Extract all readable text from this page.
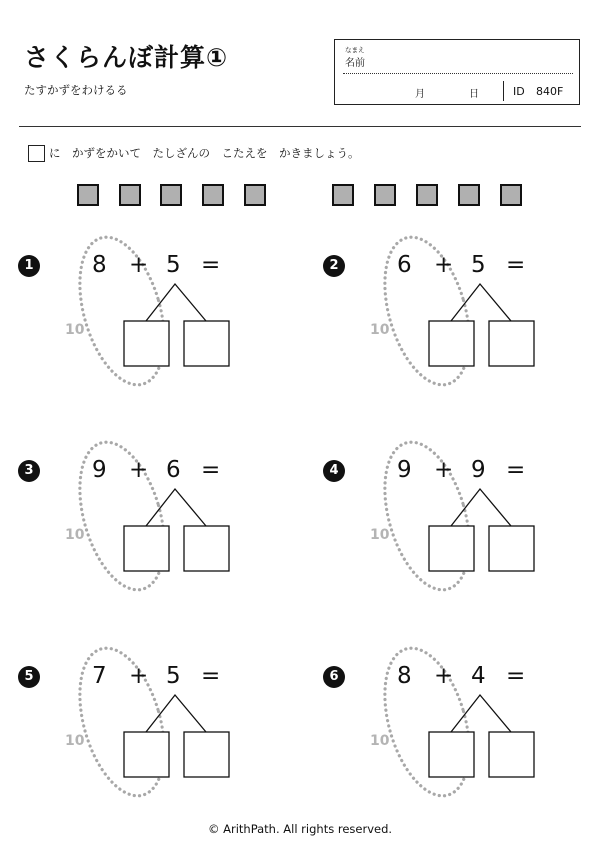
さくらんぼ計算①
たすかずをわけるる
なまえ
名前
月	日	ID 840F
に　かずをかいて　たしざんの　こたえを　かきましょう。
1	8 + 5 =
10
2	6 + 5 =
10
3	9 + 6 =
10
4	9 + 9 =
10
5	7 + 5 =
10
6	8 + 4 =
10
© ArithPath. All rights reserved.
